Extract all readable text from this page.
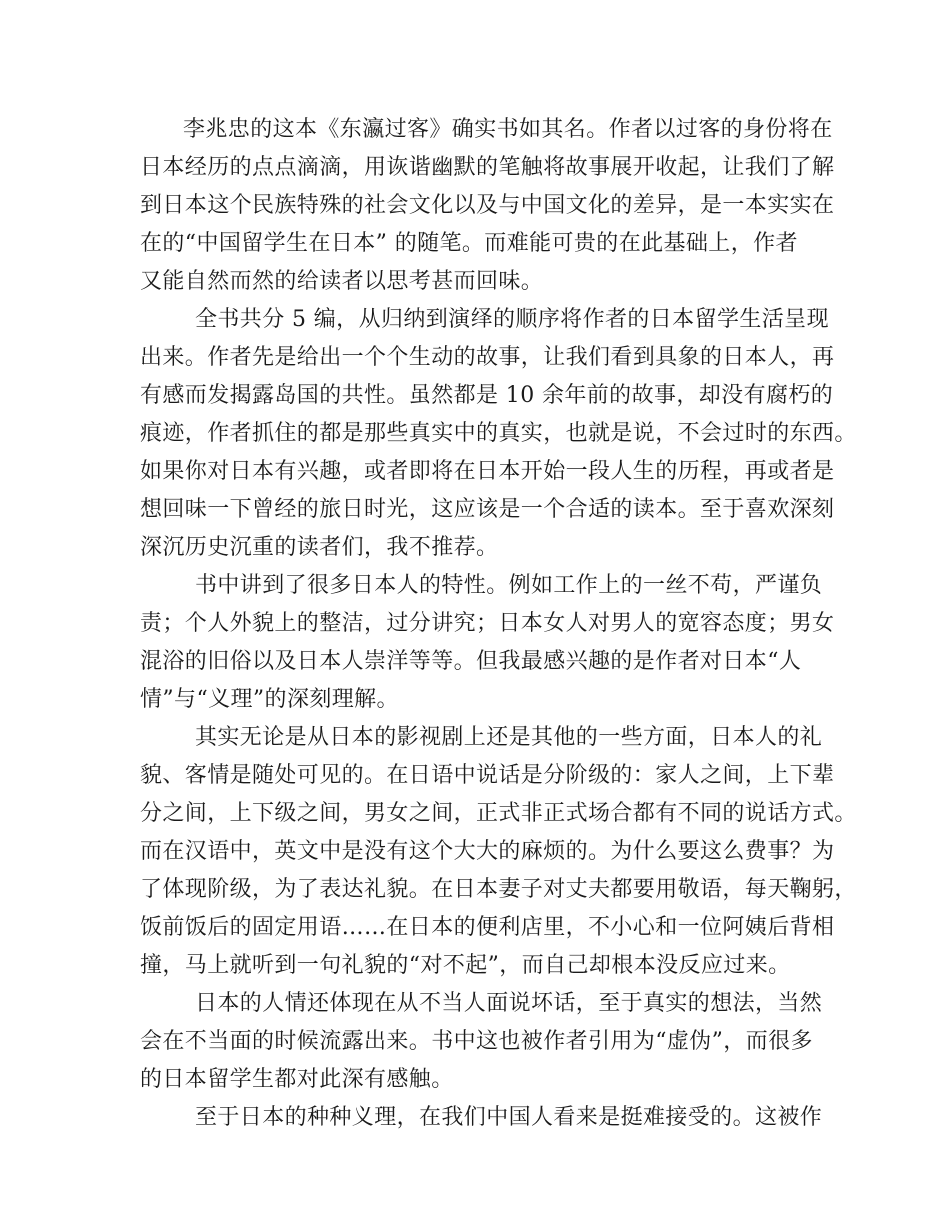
李兆忠的这本《东瀛过客》确实书如其名。作者以过客的身份将在
日本经历的点点滴滴，用诙谐幽默的笔触将故事展开收起，让我们了解
到日本这个民族特殊的社会文化以及与中国文化的差异，是一本实实在
在的“中国留学生在日本” 的随笔。而难能可贵的在此基础上，作者
又能自然而然的给读者以思考甚而回味。
全书共分 5 编，从归纳到演绎的顺序将作者的日本留学生活呈现
出来。作者先是给出一个个生动的故事，让我们看到具象的日本人，再
有感而发揭露岛国的共性。虽然都是 10 余年前的故事，却没有腐朽的
痕迹，作者抓住的都是那些真实中的真实，也就是说，不会过时的东西。
如果你对日本有兴趣，或者即将在日本开始一段人生的历程，再或者是
想回味一下曾经的旅日时光，这应该是一个合适的读本。至于喜欢深刻
深沉历史沉重的读者们，我不推荐。
书中讲到了很多日本人的特性。例如工作上的一丝不苟，严谨负
责；个人外貌上的整洁，过分讲究；日本女人对男人的宽容态度；男女
混浴的旧俗以及日本人崇洋等等。但我最感兴趣的是作者对日本“人
情”与“义理”的深刻理解。
其实无论是从日本的影视剧上还是其他的一些方面，日本人的礼
貌、客情是随处可见的。在日语中说话是分阶级的：家人之间，上下辈
分之间，上下级之间，男女之间，正式非正式场合都有不同的说话方式。
而在汉语中，英文中是没有这个大大的麻烦的。为什么要这么费事？为
了体现阶级，为了表达礼貌。在日本妻子对丈夫都要用敬语，每天鞠躬，
饭前饭后的固定用语……在日本的便利店里，不小心和一位阿姨后背相
撞，马上就听到一句礼貌的“对不起”，而自己却根本没反应过来。
日本的人情还体现在从不当人面说坏话，至于真实的想法，当然
会在不当面的时候流露出来。书中这也被作者引用为“虚伪”，而很多
的日本留学生都对此深有感触。
至于日本的种种义理，在我们中国人看来是挺难接受的。这被作
